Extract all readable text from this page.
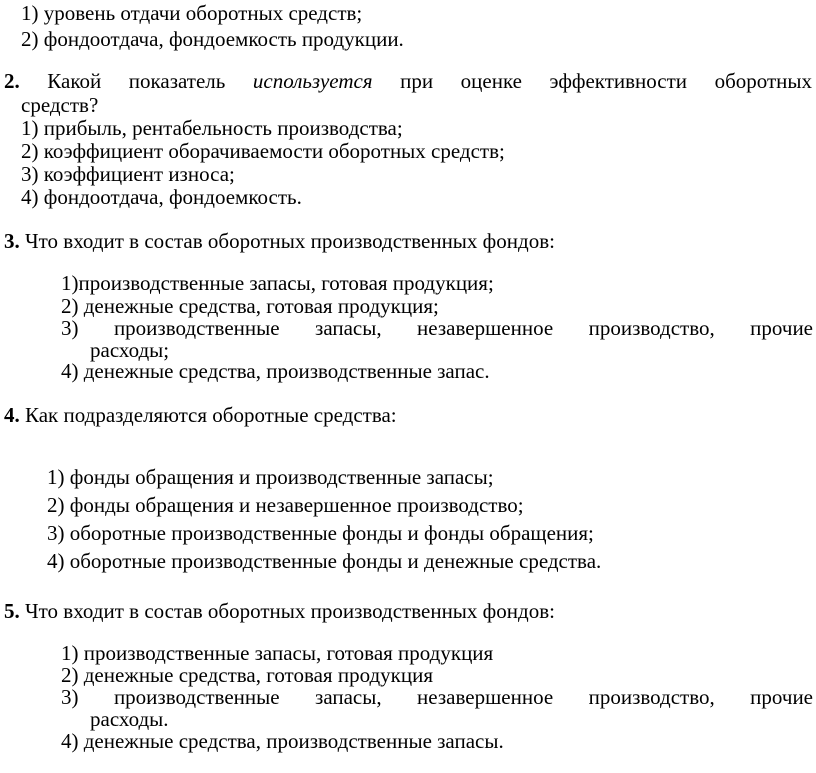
1) уровень отдачи оборотных средств;
2) фондоотдача, фондоемкость продукции.
2. Какой показатель используется при оценке эффективности оборотных
средств?
1) прибыль, рентабельность производства;
2) коэффициент оборачиваемости оборотных средств;
3) коэффициент износа;
4) фондоотдача, фондоемкость.
3. Что входит в состав оборотных производственных фондов:
1)производственные запасы, готовая продукция;
2) денежные средства, готовая продукция;
3) производственные запасы, незавершенное производство, прочие
расходы;
4) денежные средства, производственные запас.
4. Как подразделяются оборотные средства:
1) фонды обращения и производственные запасы;
2) фонды обращения и незавершенное производство;
3) оборотные производственные фонды и фонды обращения;
4) оборотные производственные фонды и денежные средства.
5. Что входит в состав оборотных производственных фондов:
1) производственные запасы, готовая продукция
2) денежные средства, готовая продукция
3) производственные запасы, незавершенное производство, прочие
расходы.
4) денежные средства, производственные запасы.
